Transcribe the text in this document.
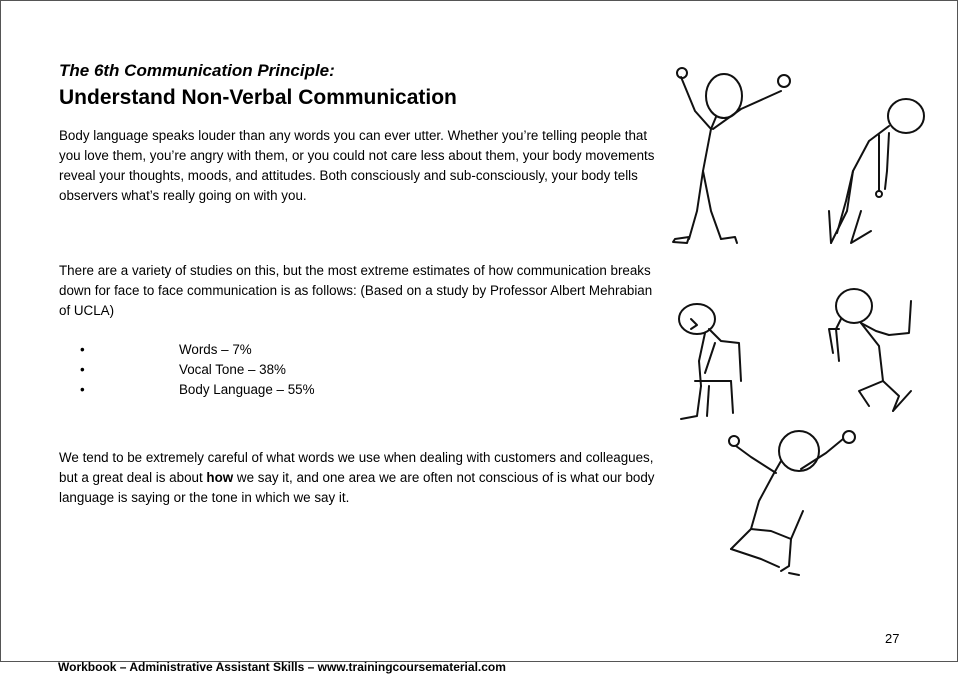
The 6th Communication Principle:
Understand Non-Verbal Communication

Body language speaks louder than any words you can ever utter. Whether you’re telling people that you love them, you’re angry with them, or you could not care less about them, your body movements reveal your thoughts, moods, and attitudes. Both consciously and sub-consciously, your body tells observers what’s really going on with you.

There are a variety of studies on this, but the most extreme estimates of how communication breaks down for face to face communication is as follows: (Based on a study by Professor Albert Mehrabian of UCLA)

•	Words – 7%
•	Vocal Tone – 38%
•	Body Language – 55%

We tend to be extremely careful of what words we use when dealing with customers and colleagues, but a great deal is about how we say it, and one area we are often not conscious of is what our body language is saying or the tone in which we say it.

27
Workbook – Administrative Assistant Skills – www.trainingcoursematerial.com
